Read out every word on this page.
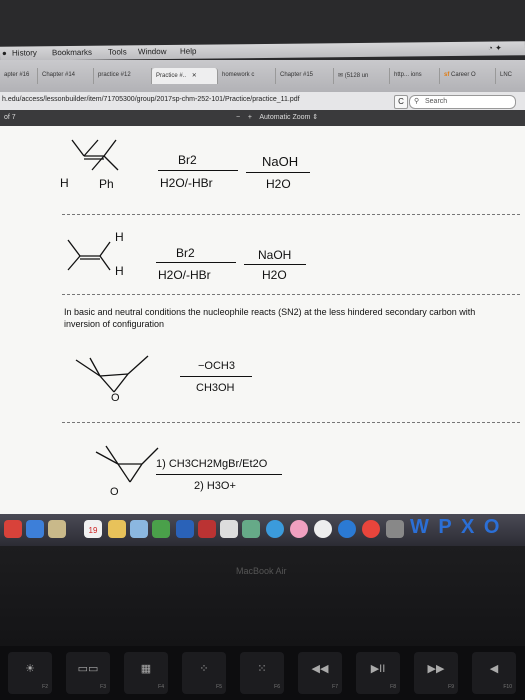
● History Bookmarks Tools Window Help	◔ ✦
apter #16	Chapter #14	practice #12	Practice #.. ✕	homework c	Chapter #15	✉ (5128 un	http... ions	sf Career O	LNC
h.edu/access/lessonbuilder/item/71705300/group/2017sp-chm-252-101/Practice/practice_11.pdf	C	⚲ Search
of 7	− + Automatic Zoom ⇕
H	Ph
Br2
H2O/-HBr
NaOH
H2O
H
H
Br2
H2O/-HBr
NaOH
H2O
In basic and neutral conditions the nucleophile reacts (SN2) at the less hindered secondary carbon with inversion of configuration
O
−OCH3
CH3OH
O
1) CH3CH2MgBr/Et2O
2) H3O+
19	W P X O
MacBook Air
☀
F2
▭▭
F3
▦
F4
⁘
F5
⁙
F6
◀◀
F7
▶II
F8
▶▶
F9
◀
F10
